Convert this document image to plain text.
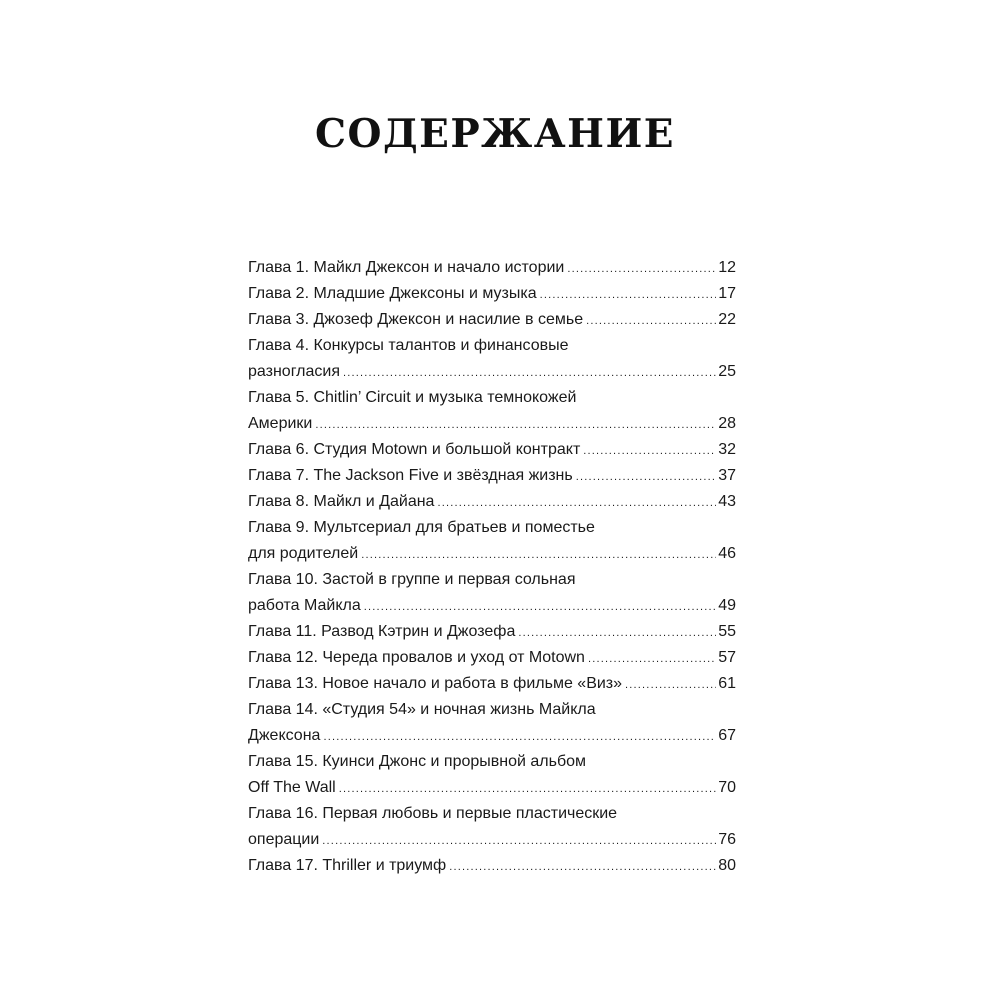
СОДЕРЖАНИЕ
Глава 1. Майкл Джексон и начало истории .....	12
Глава 2. Младшие Джексоны и музыка .....	17
Глава 3. Джозеф Джексон и насилие в семье .....	22
Глава 4. Конкурсы талантов и финансовые
разногласия .....	25
Глава 5. Chitlin’ Circuit и музыка темнокожей
Америки .....	28
Глава 6. Студия Motown и большой контракт .....	32
Глава 7. The Jackson Five и звёздная жизнь .....	37
Глава 8. Майкл и Дайана .....	43
Глава 9. Мультсериал для братьев и поместье
для родителей .....	46
Глава 10. Застой в группе и первая сольная
работа Майкла .....	49
Глава 11. Развод Кэтрин и Джозефа .....	55
Глава 12. Череда провалов и уход от Motown .....	57
Глава 13. Новое начало и работа в фильме «Виз» .....	61
Глава 14. «Студия 54» и ночная жизнь Майкла
Джексона .....	67
Глава 15. Куинси Джонс и прорывной альбом
Off The Wall .....	70
Глава 16. Первая любовь и первые пластические
операции .....	76
Глава 17. Thriller и триумф .....	80
